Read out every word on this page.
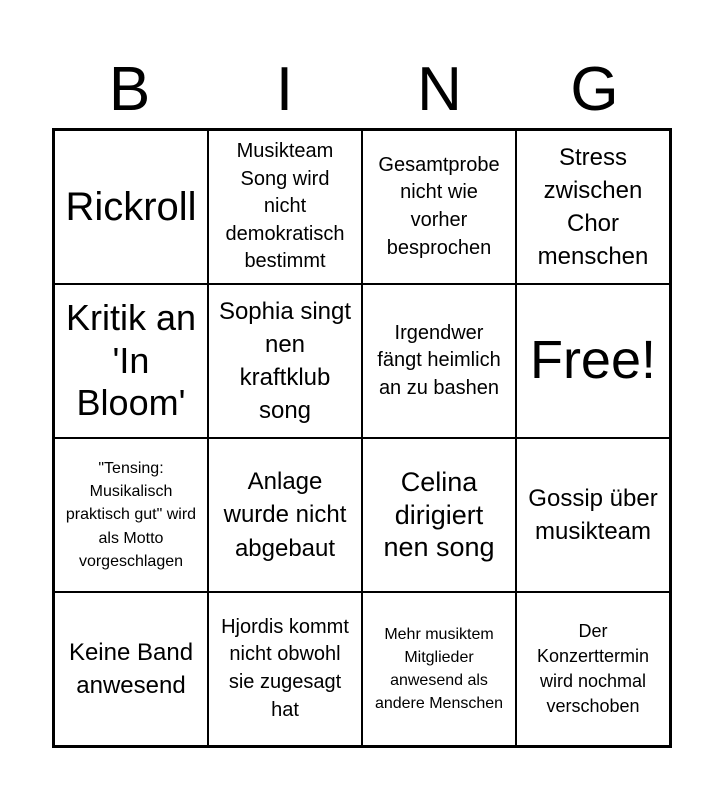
B	I	N	G
Rickroll
Musikteam Song wird nicht demokratisch bestimmt
Gesamtprobe nicht wie vorher besprochen
Stress zwischen Chor menschen
Kritik an 'In Bloom'
Sophia singt nen kraftklub song
Irgendwer fängt heimlich an zu bashen Free!
"Tensing: Musikalisch praktisch gut" wird als Motto vorgeschlagen
Anlage wurde nicht abgebaut
Celina dirigiert nen song
Gossip über musikteam
Keine Band anwesend
Hjordis kommt nicht obwohl sie zugesagt hat
Mehr musiktem Mitglieder anwesend als andere Menschen
Der Konzerttermin wird nochmal verschoben
